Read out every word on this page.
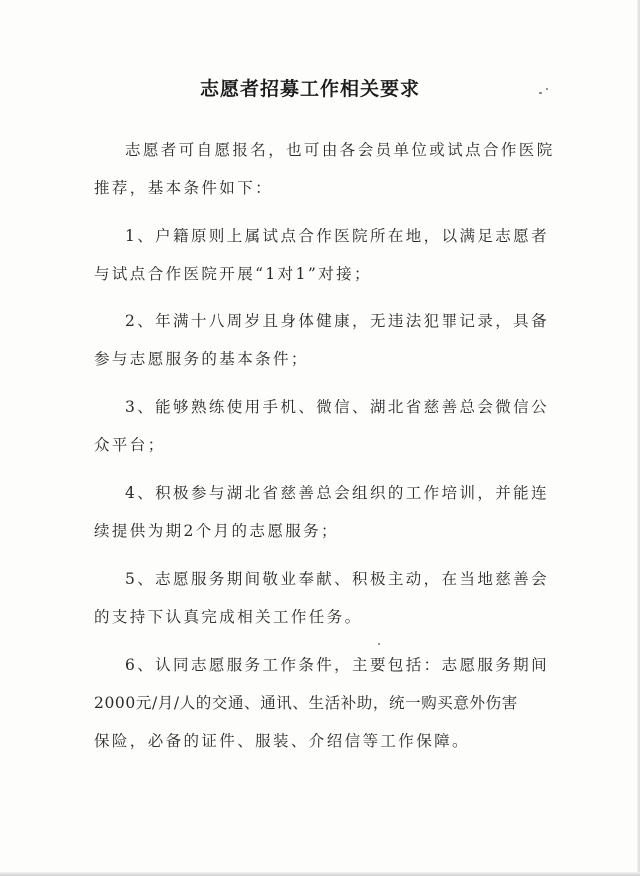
志愿者招募工作相关要求
志愿者可自愿报名，也可由各会员单位或试点合作医院
推荐，基本条件如下：
1、户籍原则上属试点合作医院所在地，以满足志愿者
与试点合作医院开展“1对1”对接；
2、年满十八周岁且身体健康，无违法犯罪记录，具备
参与志愿服务的基本条件；
3、能够熟练使用手机、微信、湖北省慈善总会微信公
众平台；
4、积极参与湖北省慈善总会组织的工作培训，并能连
续提供为期2个月的志愿服务；
5、志愿服务期间敬业奉献、积极主动，在当地慈善会
的支持下认真完成相关工作任务。
6、认同志愿服务工作条件，主要包括：志愿服务期间
2000元/月/人的交通、通讯、生活补助，统一购买意外伤害
保险，必备的证件、服装、介绍信等工作保障。
